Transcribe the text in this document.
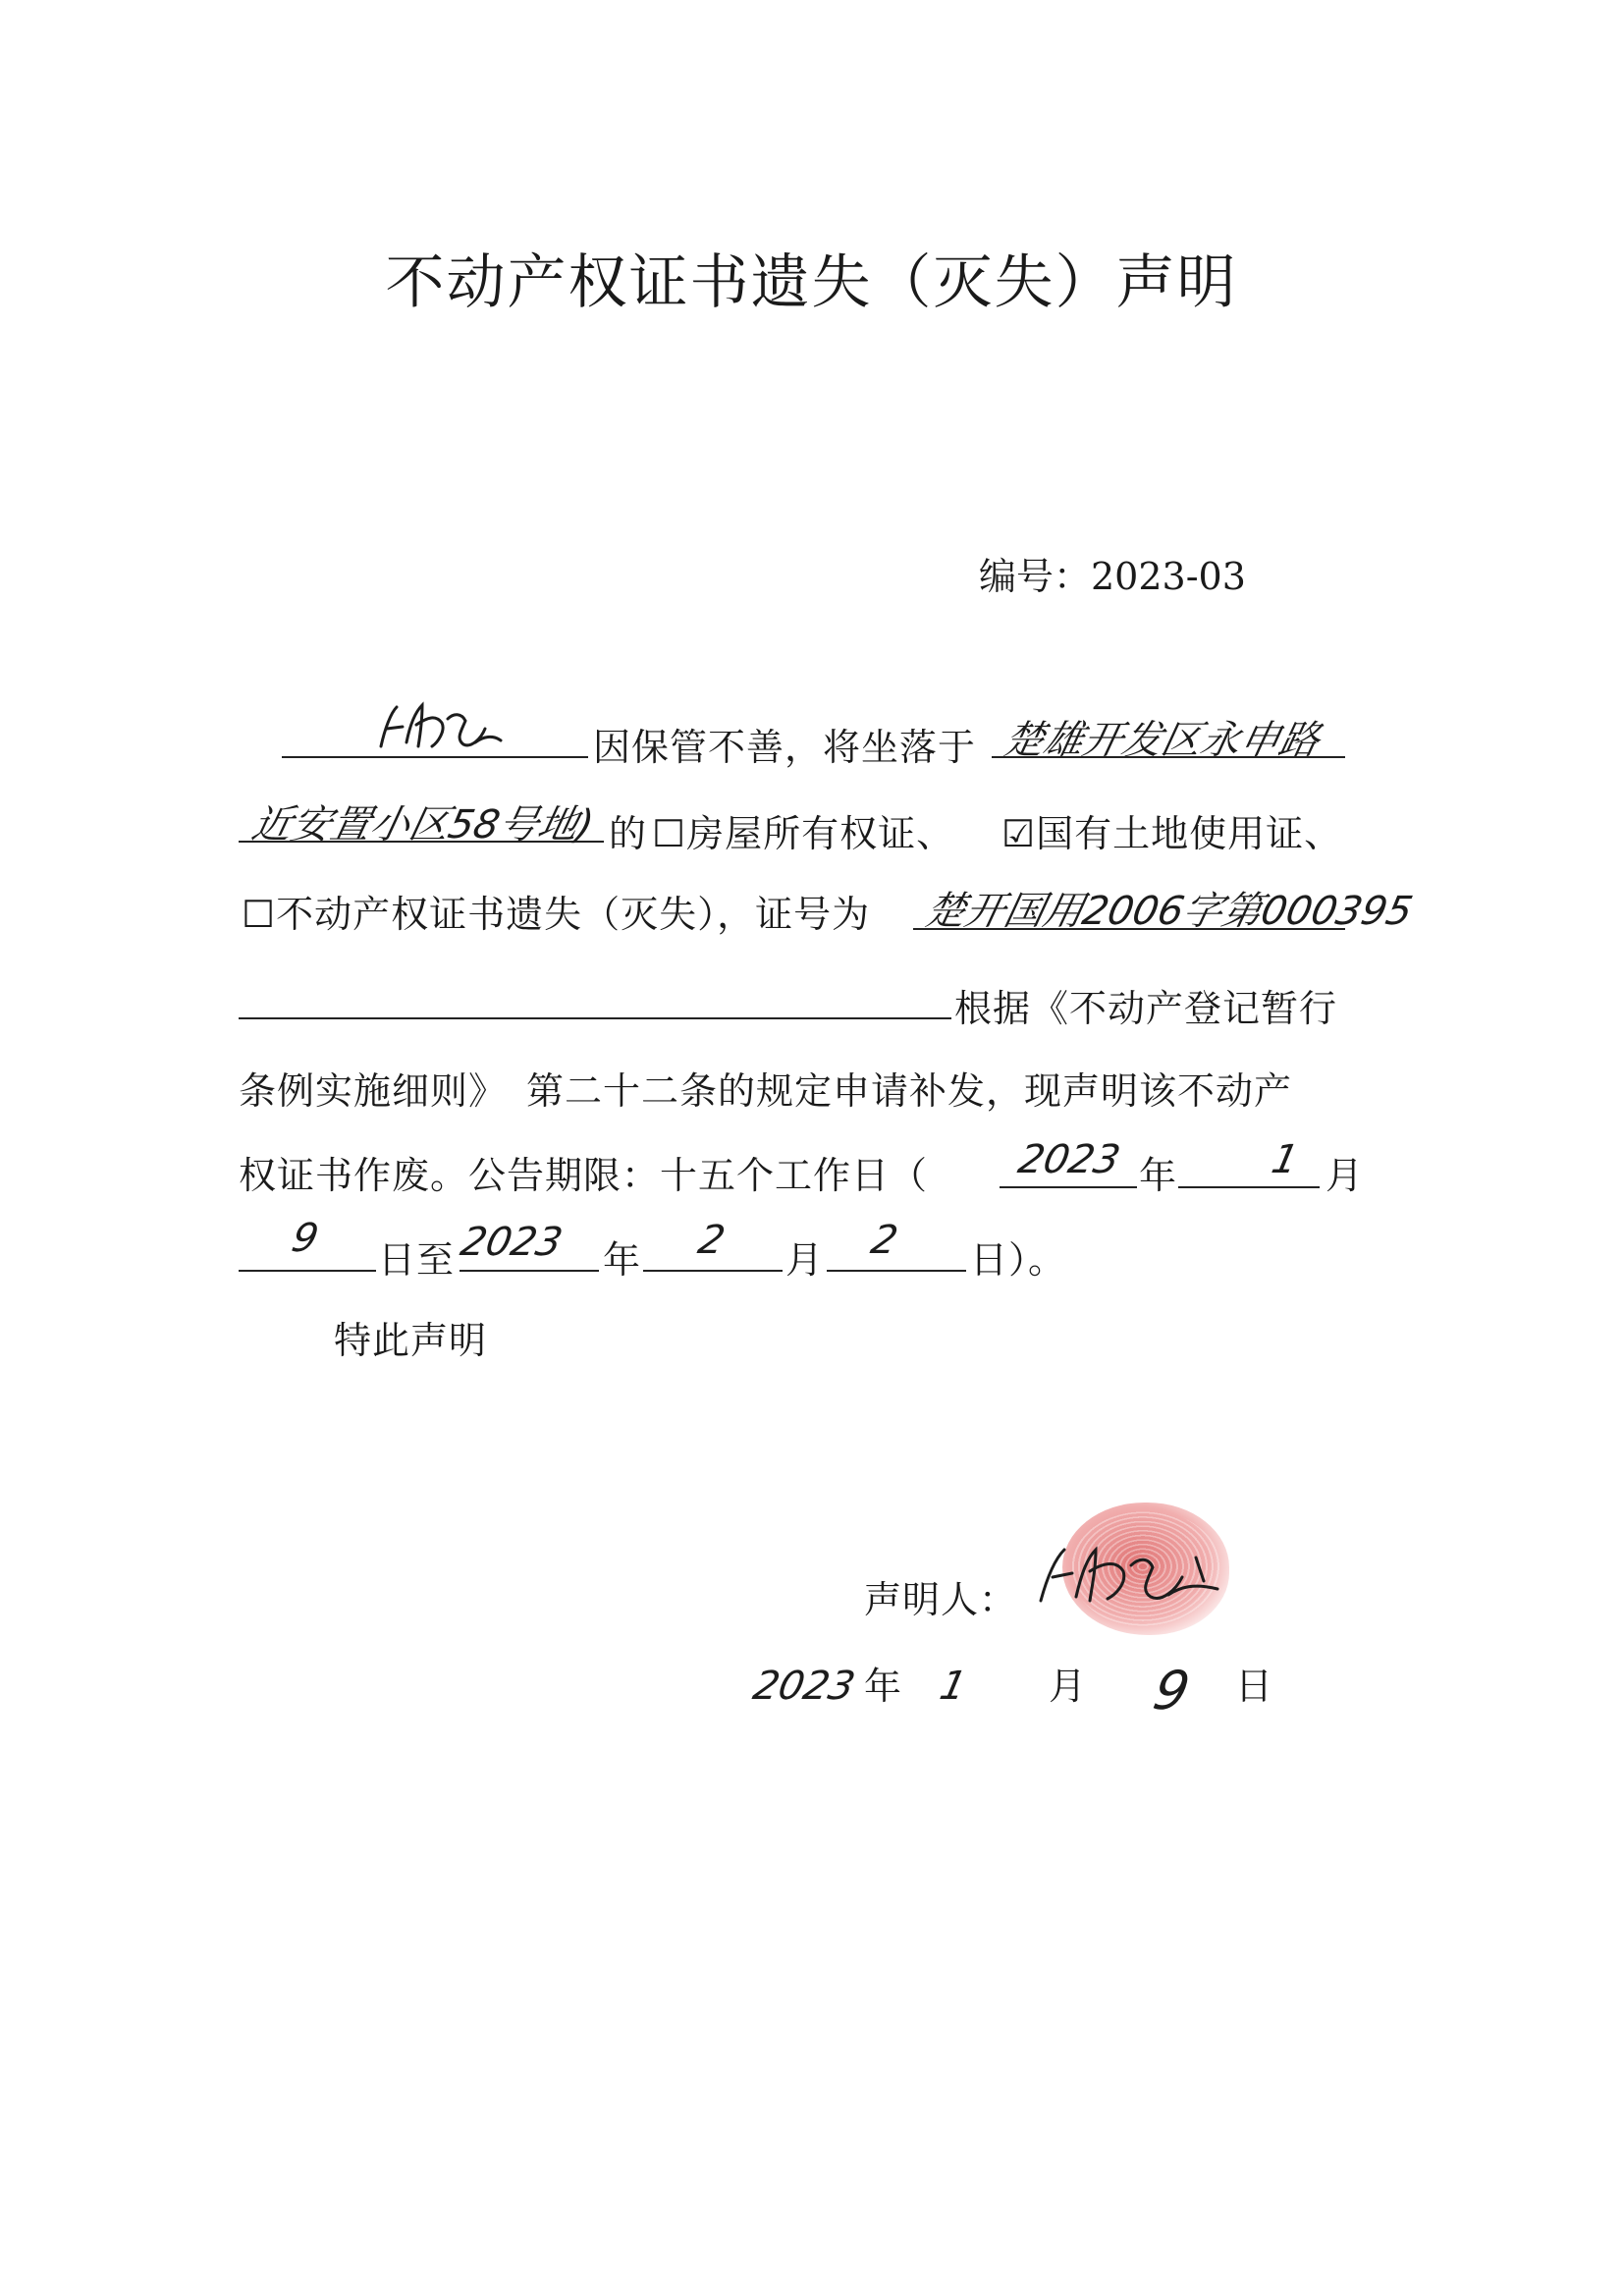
不动产权证书遗失（灭失）声明
编号：2023-03
因保管不善，将坐落于 楚雄开发区永申路
近安置小区58号地) 的 ☐房屋所有权证、 ☑国有土地使用证、
☐不动产权证书遗失（灭失），证号为 楚开国用2006字第000395
根据《不动产登记暂行
条例实施细则》　第二十二条的规定申请补发，现声明该不动产
权证书作废。公告期限：十五个工作日（ 2023 年 1 月
9 日至 2023 年 2 月 2 日）。
特此声明
声明人：
2023 年 1 月 9 日
